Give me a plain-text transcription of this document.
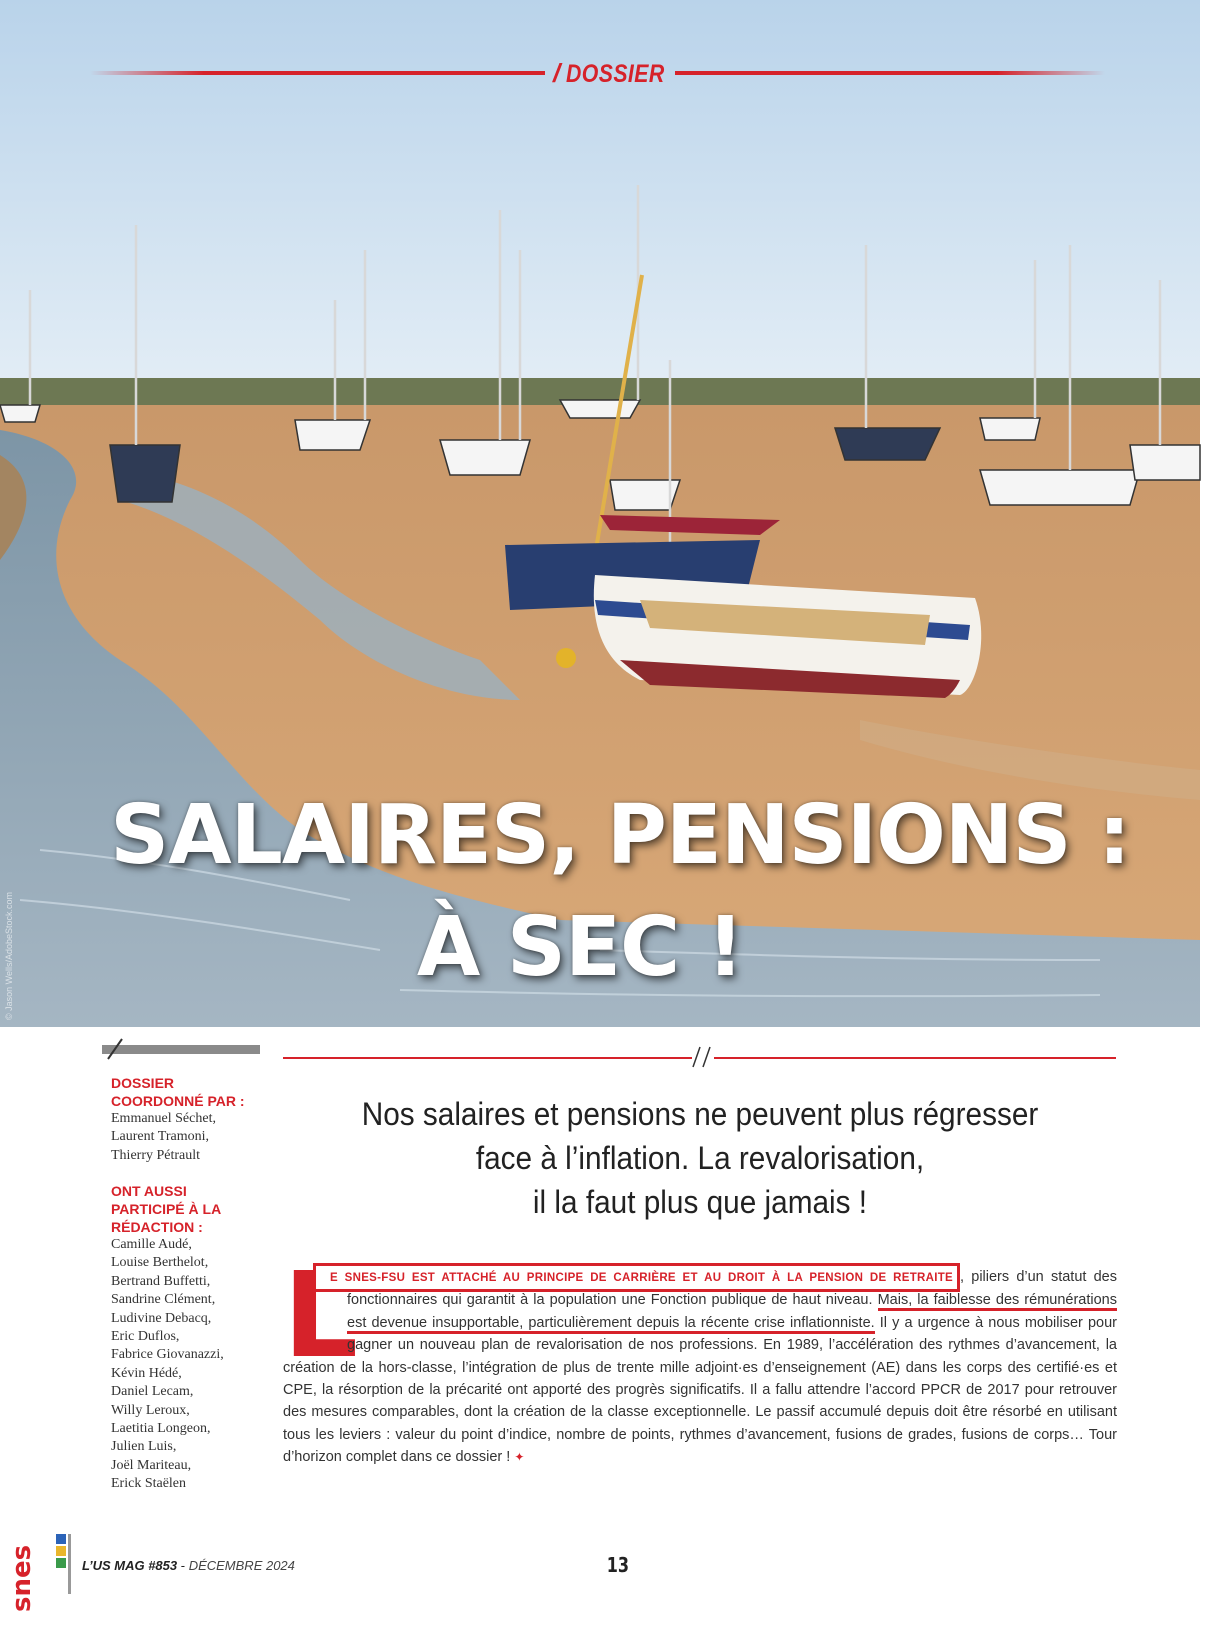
/ DOSSIER
SALAIRES, PENSIONS :
À SEC !
© Jason Wells/AdobeStock.com
DOSSIER COORDONNÉ PAR :
Emmanuel Séchet,
Laurent Tramoni,
Thierry Pétrault
ONT AUSSI PARTICIPÉ À LA RÉDACTION :
Camille Audé,
Louise Berthelot,
Bertrand Buffetti,
Sandrine Clément,
Ludivine Debacq,
Eric Duflos,
Fabrice Giovanazzi,
Kévin Hédé,
Daniel Lecam,
Willy Leroux,
Laetitia Longeon,
Julien Luis,
Joël Mariteau,
Erick Staëlen
Nos salaires et pensions ne peuvent plus régresser
face à l’inflation. La revalorisation,
il la faut plus que jamais !
L
E SNES-FSU EST ATTACHÉ AU PRINCIPE DE CARRIÈRE ET AU DROIT À LA PENSION DE RETRAITE , piliers d’un statut des fonctionnaires qui garantit à la population une Fonction publique de haut niveau. Mais, la faiblesse des rémunérations est devenue insupportable, particulièrement depuis la récente crise inflationniste. Il y a urgence à nous mobiliser pour gagner un nouveau plan de revalorisation de nos professions. En 1989, l’accélération des rythmes d’avancement, la création de la hors-classe, l’intégration de plus de trente mille adjoint·es d’enseignement (AE) dans les corps des certifié·es et CPE, la résorption de la précarité ont apporté des progrès significatifs. Il a fallu attendre l’accord PPCR de 2017 pour retrouver des mesures comparables, dont la création de la classe exceptionnelle. Le passif accumulé depuis doit être résorbé en utilisant tous les leviers : valeur du point d’indice, nombre de points, rythmes d’avancement, fusions de grades, fusions de corps… Tour d’horizon complet dans ce dossier ! ✦
snes	L’US MAG #853 - DÉCEMBRE 2024	13
